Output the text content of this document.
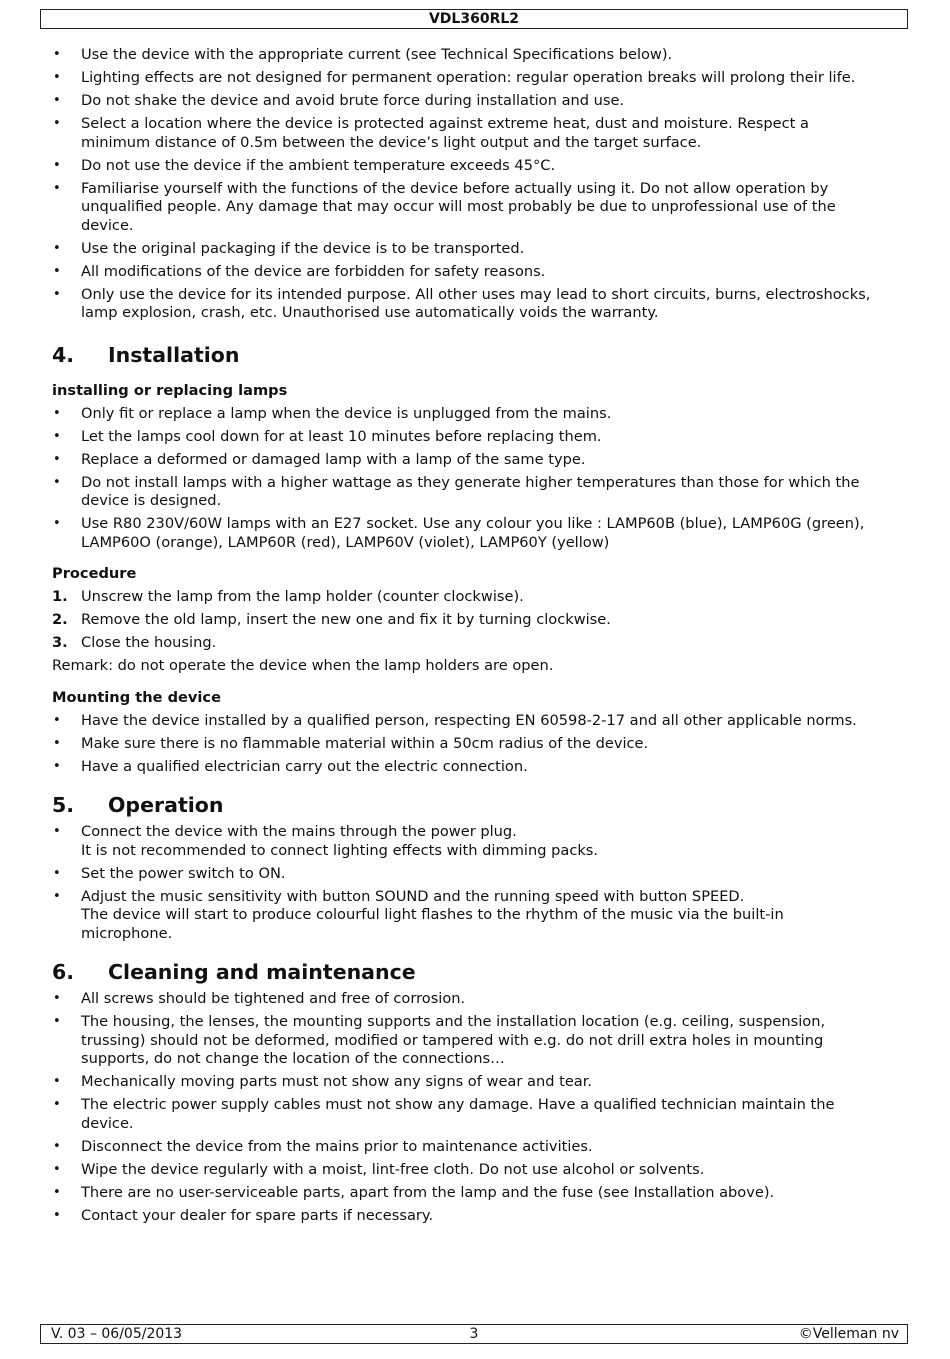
VDL360RL2
• Use the device with the appropriate current (see Technical Specifications below).
• Lighting effects are not designed for permanent operation: regular operation breaks will prolong their life.
• Do not shake the device and avoid brute force during installation and use.
• Select a location where the device is protected against extreme heat, dust and moisture. Respect a
minimum distance of 0.5m between the device’s light output and the target surface.
• Do not use the device if the ambient temperature exceeds 45°C.
• Familiarise yourself with the functions of the device before actually using it. Do not allow operation by
unqualified people. Any damage that may occur will most probably be due to unprofessional use of the
device.
• Use the original packaging if the device is to be transported.
• All modifications of the device are forbidden for safety reasons.
• Only use the device for its intended purpose. All other uses may lead to short circuits, burns, electroshocks,
lamp explosion, crash, etc. Unauthorised use automatically voids the warranty.
4.	Installation
installing or replacing lamps
• Only fit or replace a lamp when the device is unplugged from the mains.
• Let the lamps cool down for at least 10 minutes before replacing them.
• Replace a deformed or damaged lamp with a lamp of the same type.
• Do not install lamps with a higher wattage as they generate higher temperatures than those for which the
device is designed.
• Use R80 230V/60W lamps with an E27 socket. Use any colour you like : LAMP60B (blue), LAMP60G (green),
LAMP60O (orange), LAMP60R (red), LAMP60V (violet), LAMP60Y (yellow)
Procedure
1. Unscrew the lamp from the lamp holder (counter clockwise).
2. Remove the old lamp, insert the new one and fix it by turning clockwise.
3. Close the housing.

Remark: do not operate the device when the lamp holders are open.

Mounting the device
• Have the device installed by a qualified person, respecting EN 60598-2-17 and all other applicable norms.
• Make sure there is no flammable material within a 50cm radius of the device.
• Have a qualified electrician carry out the electric connection.
5.	Operation
• Connect the device with the mains through the power plug.
It is not recommended to connect lighting effects with dimming packs.
• Set the power switch to ON.
• Adjust the music sensitivity with button SOUND and the running speed with button SPEED.
The device will start to produce colourful light flashes to the rhythm of the music via the built-in
microphone.
6.	Cleaning and maintenance
• All screws should be tightened and free of corrosion.
• The housing, the lenses, the mounting supports and the installation location (e.g. ceiling, suspension,
trussing) should not be deformed, modified or tampered with e.g. do not drill extra holes in mounting
supports, do not change the location of the connections…
• Mechanically moving parts must not show any signs of wear and tear.
• The electric power supply cables must not show any damage. Have a qualified technician maintain the
device.
• Disconnect the device from the mains prior to maintenance activities.
• Wipe the device regularly with a moist, lint-free cloth. Do not use alcohol or solvents.
• There are no user-serviceable parts, apart from the lamp and the fuse (see Installation above).
• Contact your dealer for spare parts if necessary.
V. 03 – 06/05/2013	3	©Velleman nv
